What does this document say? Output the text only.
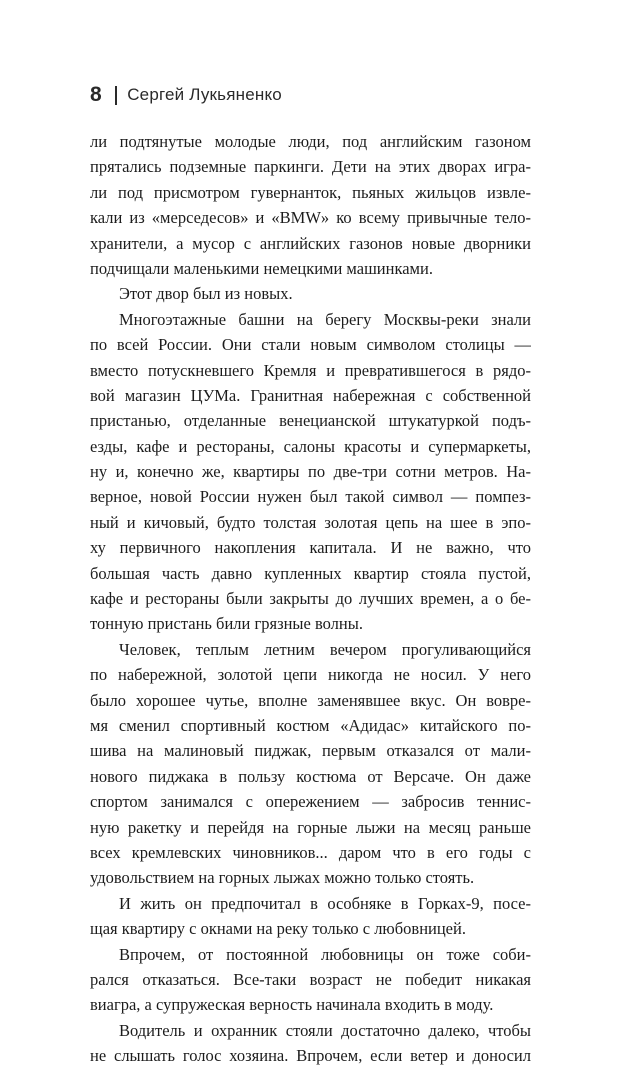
8 Сергей Лукьяненко
ли подтянутые молодые люди, под английским газоном
прятались подземные паркинги. Дети на этих дворах игра-
ли под присмотром гувернанток, пьяных жильцов извле-
кали из «мерседесов» и «BMW» ко всему привычные тело-
хранители, а мусор с английских газонов новые дворники
подчищали маленькими немецкими машинками.
Этот двор был из новых.
Многоэтажные башни на берегу Москвы-реки знали
по всей России. Они стали новым символом столицы —
вместо потускневшего Кремля и превратившегося в рядо-
вой магазин ЦУМа. Гранитная набережная с собственной
пристанью, отделанные венецианской штукатуркой подъ-
езды, кафе и рестораны, салоны красоты и супермаркеты,
ну и, конечно же, квартиры по две-три сотни метров. На-
верное, новой России нужен был такой символ — помпез-
ный и кичовый, будто толстая золотая цепь на шее в эпо-
ху первичного накопления капитала. И не важно, что
большая часть давно купленных квартир стояла пустой,
кафе и рестораны были закрыты до лучших времен, а о бе-
тонную пристань били грязные волны.
Человек, теплым летним вечером прогуливающийся
по набережной, золотой цепи никогда не носил. У него
было хорошее чутье, вполне заменявшее вкус. Он вовре-
мя сменил спортивный костюм «Адидас» китайского по-
шива на малиновый пиджак, первым отказался от мали-
нового пиджака в пользу костюма от Версаче. Он даже
спортом занимался с опережением — забросив теннис-
ную ракетку и перейдя на горные лыжи на месяц раньше
всех кремлевских чиновников... даром что в его годы с
удовольствием на горных лыжах можно только стоять.
И жить он предпочитал в особняке в Горках-9, посе-
щая квартиру с окнами на реку только с любовницей.
Впрочем, от постоянной любовницы он тоже соби-
рался отказаться. Все-таки возраст не победит никакая
виагра, а супружеская верность начинала входить в моду.
Водитель и охранник стояли достаточно далеко, чтобы
не слышать голос хозяина. Впрочем, если ветер и доносил
